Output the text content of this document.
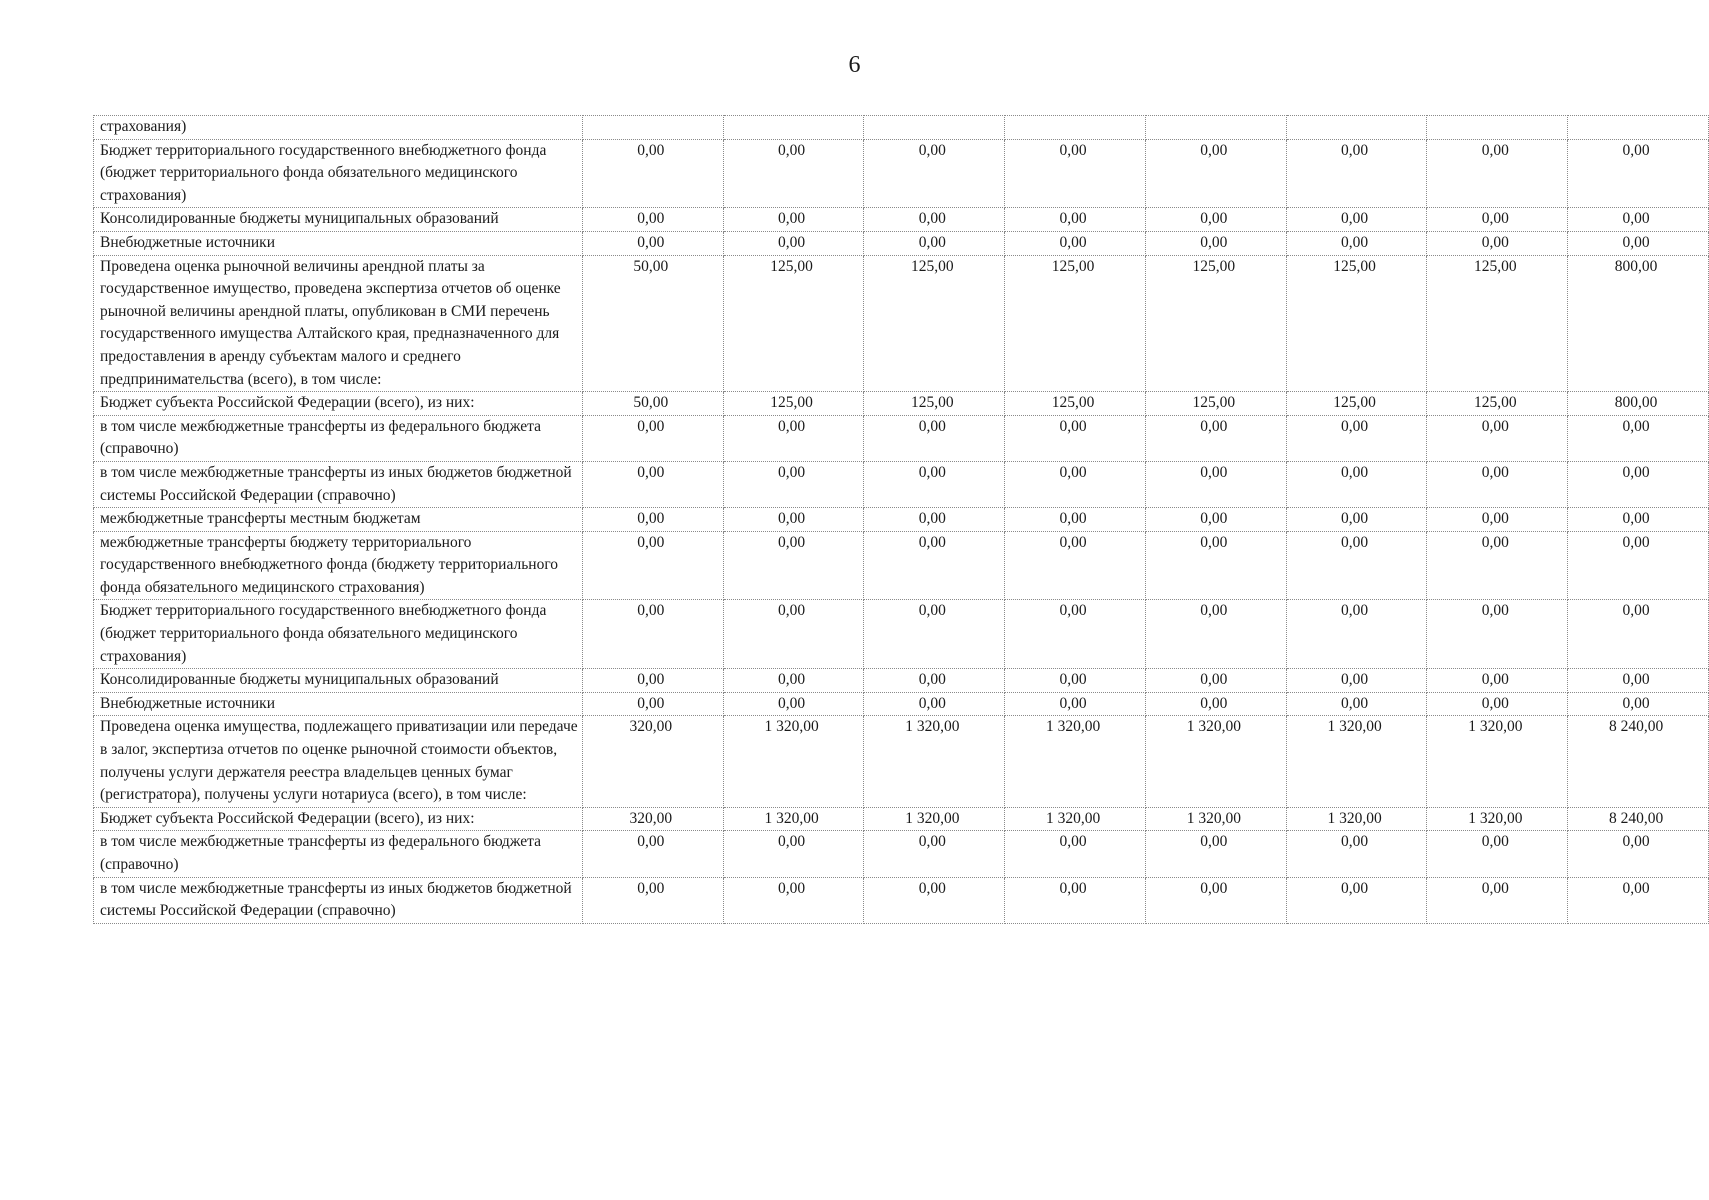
6
страхования)								
Бюджет территориального государственного внебюджетного фонда (бюджет территориального фонда обязательного медицинского страхования)	0,00	0,00	0,00	0,00	0,00	0,00	0,00	0,00
Консолидированные бюджеты муниципальных образований	0,00	0,00	0,00	0,00	0,00	0,00	0,00	0,00
Внебюджетные источники	0,00	0,00	0,00	0,00	0,00	0,00	0,00	0,00
Проведена оценка рыночной величины арендной платы за государственное имущество, проведена экспертиза отчетов об оценке рыночной величины арендной платы, опубликован в СМИ перечень государственного имущества Алтайского края, предназначенного для предоставления в аренду субъектам малого и среднего предпринимательства (всего), в том числе:	50,00	125,00	125,00	125,00	125,00	125,00	125,00	800,00
Бюджет субъекта Российской Федерации (всего), из них:	50,00	125,00	125,00	125,00	125,00	125,00	125,00	800,00
в том числе межбюджетные трансферты из федерального бюджета (справочно)	0,00	0,00	0,00	0,00	0,00	0,00	0,00	0,00
в том числе межбюджетные трансферты из иных бюджетов бюджетной системы Российской Федерации (справочно)	0,00	0,00	0,00	0,00	0,00	0,00	0,00	0,00
межбюджетные трансферты местным бюджетам	0,00	0,00	0,00	0,00	0,00	0,00	0,00	0,00
межбюджетные трансферты бюджету территориального государственного внебюджетного фонда (бюджету территориального фонда обязательного медицинского страхования)	0,00	0,00	0,00	0,00	0,00	0,00	0,00	0,00
Бюджет территориального государственного внебюджетного фонда (бюджет территориального фонда обязательного медицинского страхования)	0,00	0,00	0,00	0,00	0,00	0,00	0,00	0,00
Консолидированные бюджеты муниципальных образований	0,00	0,00	0,00	0,00	0,00	0,00	0,00	0,00
Внебюджетные источники	0,00	0,00	0,00	0,00	0,00	0,00	0,00	0,00
Проведена оценка имущества, подлежащего приватизации или передаче в залог, экспертиза отчетов по оценке рыночной стоимости объектов, получены услуги держателя реестра владельцев ценных бумаг (регистратора), получены услуги нотариуса (всего), в том числе:	320,00	1 320,00	1 320,00	1 320,00	1 320,00	1 320,00	1 320,00	8 240,00
Бюджет субъекта Российской Федерации (всего), из них:	320,00	1 320,00	1 320,00	1 320,00	1 320,00	1 320,00	1 320,00	8 240,00
в том числе межбюджетные трансферты из федерального бюджета (справочно)	0,00	0,00	0,00	0,00	0,00	0,00	0,00	0,00
в том числе межбюджетные трансферты из иных бюджетов бюджетной системы Российской Федерации (справочно)	0,00	0,00	0,00	0,00	0,00	0,00	0,00	0,00
